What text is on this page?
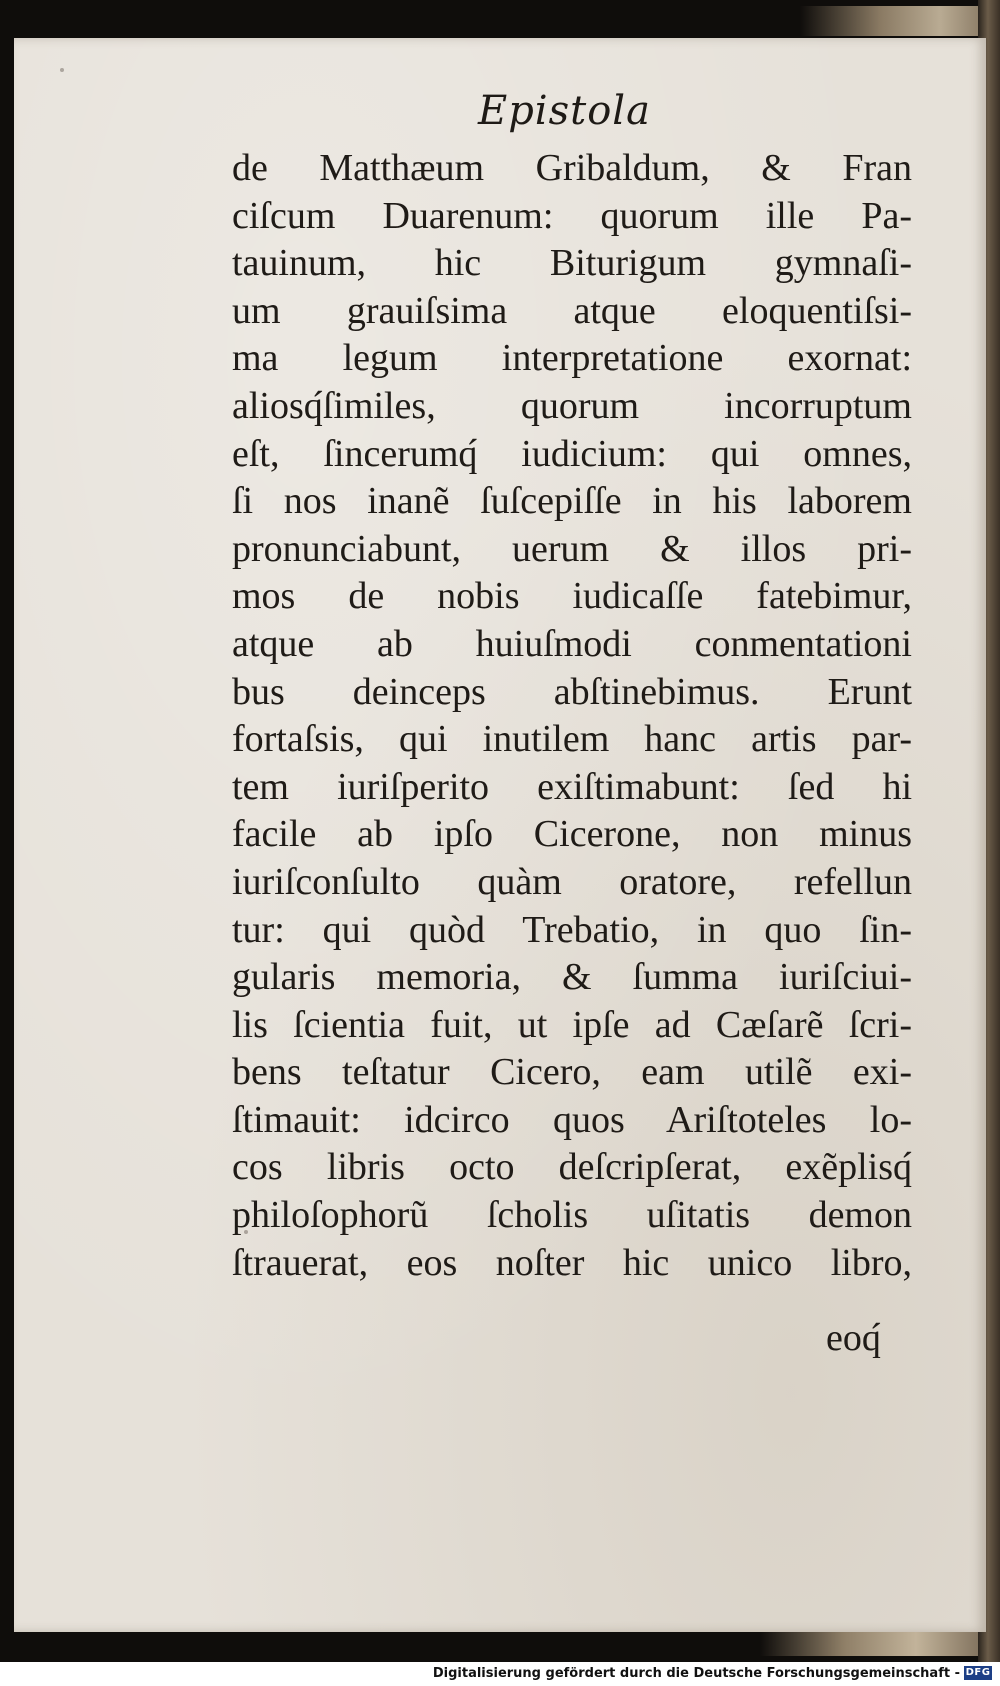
Epistola
de Matthæum Gribaldum, & Fran
ciſcum Duarenum: quorum ille Pa-
tauinum, hic Biturigum gymnaſi-
um grauiſsima atque eloquentiſsi-
ma legum interpretatione exornat:
aliosq́ſimiles, quorum incorruptum
eſt, ſincerumq́ iudicium: qui omnes,
ſi nos inanẽ ſuſcepiſſe in his laborem
pronunciabunt, uerum & illos pri-
mos de nobis iudicaſſe fatebimur,
atque ab huiuſmodi conmentationi
bus deinceps abſtinebimus. Erunt
fortaſsis, qui inutilem hanc artis par-
tem iuriſperito exiſtimabunt: ſed hi
facile ab ipſo Cicerone, non minus
iuriſconſulto quàm oratore, refellun
tur: qui quòd Trebatio, in quo ſin-
gularis memoria, & ſumma iuriſciui-
lis ſcientia fuit, ut ipſe ad Cæſarẽ ſcri-
bens teſtatur Cicero, eam utilẽ exi-
ſtimauit: idcirco quos Ariſtoteles lo-
cos libris octo deſcripſerat, exẽplisq́
philoſophorũ ſcholis uſitatis demon
ſtrauerat, eos noſter hic unico libro,
eoq́
Digitalisierung gefördert durch die Deutsche Forschungsgemeinschaft - DFG
